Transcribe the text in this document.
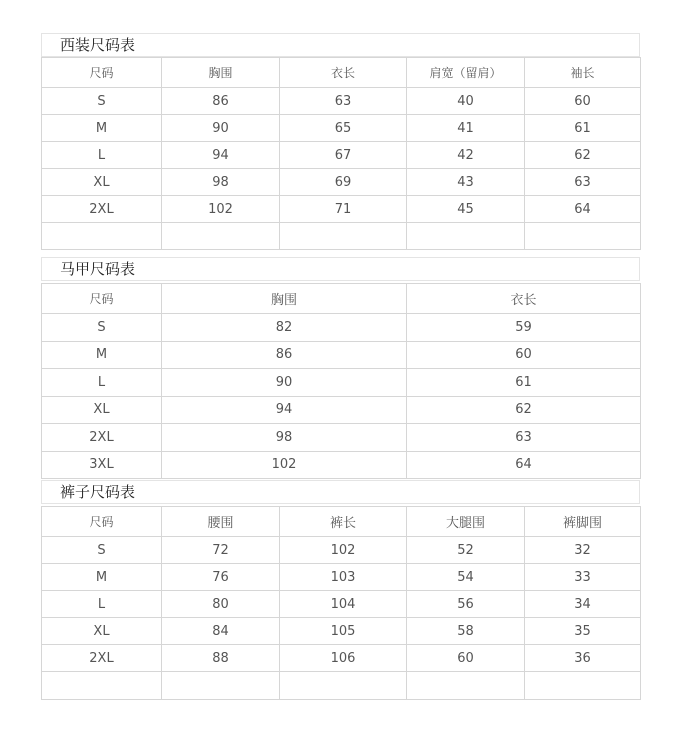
西装尺码表
尺码	胸围	衣长	肩宽（留肩）	袖长
S	86	63	40	60
M	90	65	41	61
L	94	67	42	62
XL	98	69	43	63
2XL	102	71	45	64

马甲尺码表
尺码	胸围	衣长
S	82	59
M	86	60
L	90	61
XL	94	62
2XL	98	63
3XL	102	64
裤子尺码表
尺码	腰围	裤长	大腿围	裤脚围
S	72	102	52	32
M	76	103	54	33
L	80	104	56	34
XL	84	105	58	35
2XL	88	106	60	36
